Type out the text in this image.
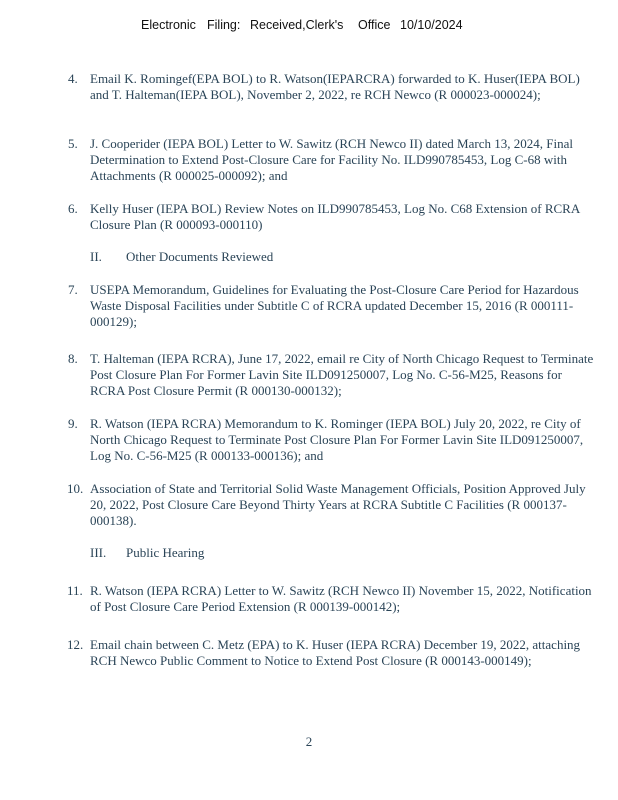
Electronic Filing: Received,Clerk's Office 10/10/2024
4. Email K. Romingef(EPA BOL) to R. Watson(IEPARCRA) forwarded to K. Huser(IEPA BOL) and T. Halteman(IEPA BOL), November 2, 2022, re RCH Newco (R 000023-000024);
5. J. Cooperider (IEPA BOL) Letter to W. Sawitz (RCH Newco II) dated March 13, 2024, Final Determination to Extend Post-Closure Care for Facility No. ILD990785453, Log C-68 with Attachments (R 000025-000092); and
6. Kelly Huser (IEPA BOL) Review Notes on ILD990785453, Log No. C68 Extension of RCRA Closure Plan (R 000093-000110)
II. Other Documents Reviewed
7. USEPA Memorandum, Guidelines for Evaluating the Post-Closure Care Period for Hazardous Waste Disposal Facilities under Subtitle C of RCRA updated December 15, 2016 (R 000111-000129);
8. T. Halteman (IEPA RCRA), June 17, 2022, email re City of North Chicago Request to Terminate Post Closure Plan For Former Lavin Site ILD091250007, Log No. C-56-M25, Reasons for RCRA Post Closure Permit (R 000130-000132);
9. R. Watson (IEPA RCRA) Memorandum to K. Rominger (IEPA BOL) July 20, 2022, re City of North Chicago Request to Terminate Post Closure Plan For Former Lavin Site ILD091250007, Log No. C-56-M25 (R 000133-000136); and
10. Association of State and Territorial Solid Waste Management Officials, Position Approved July 20, 2022, Post Closure Care Beyond Thirty Years at RCRA Subtitle C Facilities (R 000137-000138).
III. Public Hearing
11. R. Watson (IEPA RCRA) Letter to W. Sawitz (RCH Newco II) November 15, 2022, Notification of Post Closure Care Period Extension (R 000139-000142);
12. Email chain between C. Metz (EPA) to K. Huser (IEPA RCRA) December 19, 2022, attaching RCH Newco Public Comment to Notice to Extend Post Closure (R 000143-000149);
2
